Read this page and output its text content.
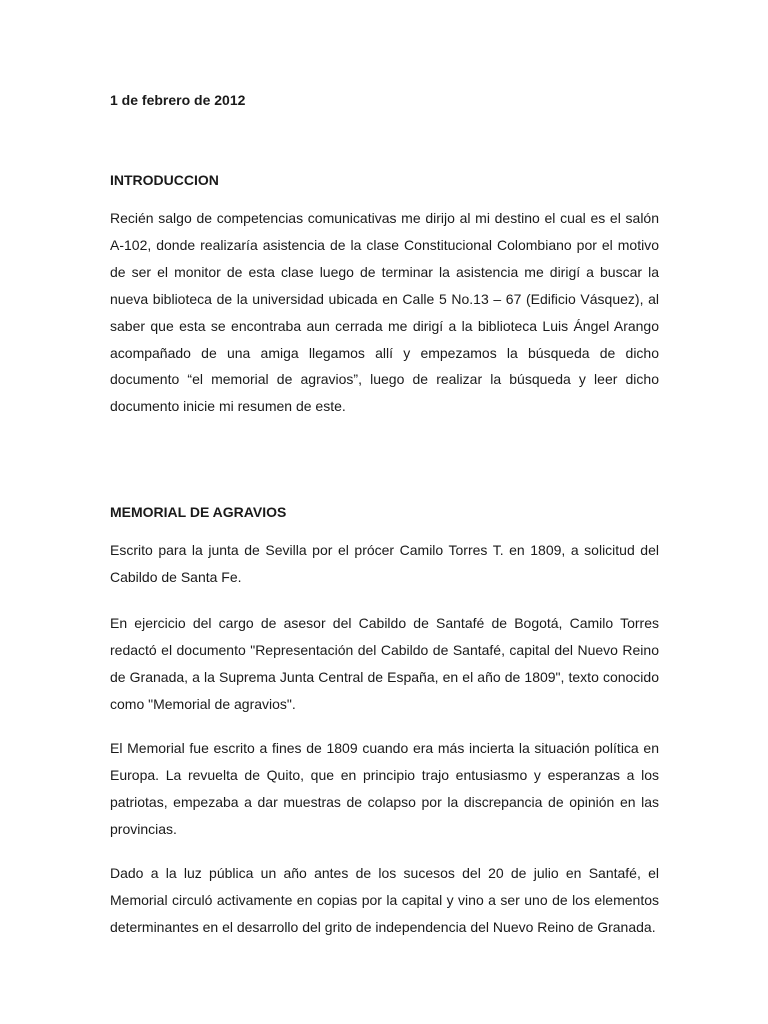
1 de febrero de 2012

INTRODUCCION

Recién salgo de competencias comunicativas me dirijo al mi destino el cual es el salón A-102, donde realizaría asistencia de la clase Constitucional Colombiano por el motivo de ser el monitor de esta clase luego de terminar la asistencia me dirigí a buscar la nueva biblioteca de la universidad ubicada en Calle 5 No.13 – 67 (Edificio Vásquez), al saber que esta se encontraba aun cerrada me dirigí a la biblioteca Luis Ángel Arango acompañado de una amiga llegamos allí y empezamos la búsqueda de dicho documento “el memorial de agravios”, luego de realizar la búsqueda y leer dicho documento inicie mi resumen de este.

MEMORIAL DE AGRAVIOS

Escrito para la junta de Sevilla por el prócer Camilo Torres T. en 1809, a solicitud del Cabildo de Santa Fe.

En ejercicio del cargo de asesor del Cabildo de Santafé de Bogotá, Camilo Torres redactó el documento "Representación del Cabildo de Santafé, capital del Nuevo Reino de Granada, a la Suprema Junta Central de España, en el año de 1809", texto conocido como "Memorial de agravios".

El Memorial fue escrito a fines de 1809 cuando era más incierta la situación política en Europa. La revuelta de Quito, que en principio trajo entusiasmo y esperanzas a los patriotas, empezaba a dar muestras de colapso por la discrepancia de opinión en las provincias.

Dado a la luz pública un año antes de los sucesos del 20 de julio en Santafé, el Memorial circuló activamente en copias por la capital y vino a ser uno de los elementos determinantes en el desarrollo del grito de independencia del Nuevo Reino de Granada.
